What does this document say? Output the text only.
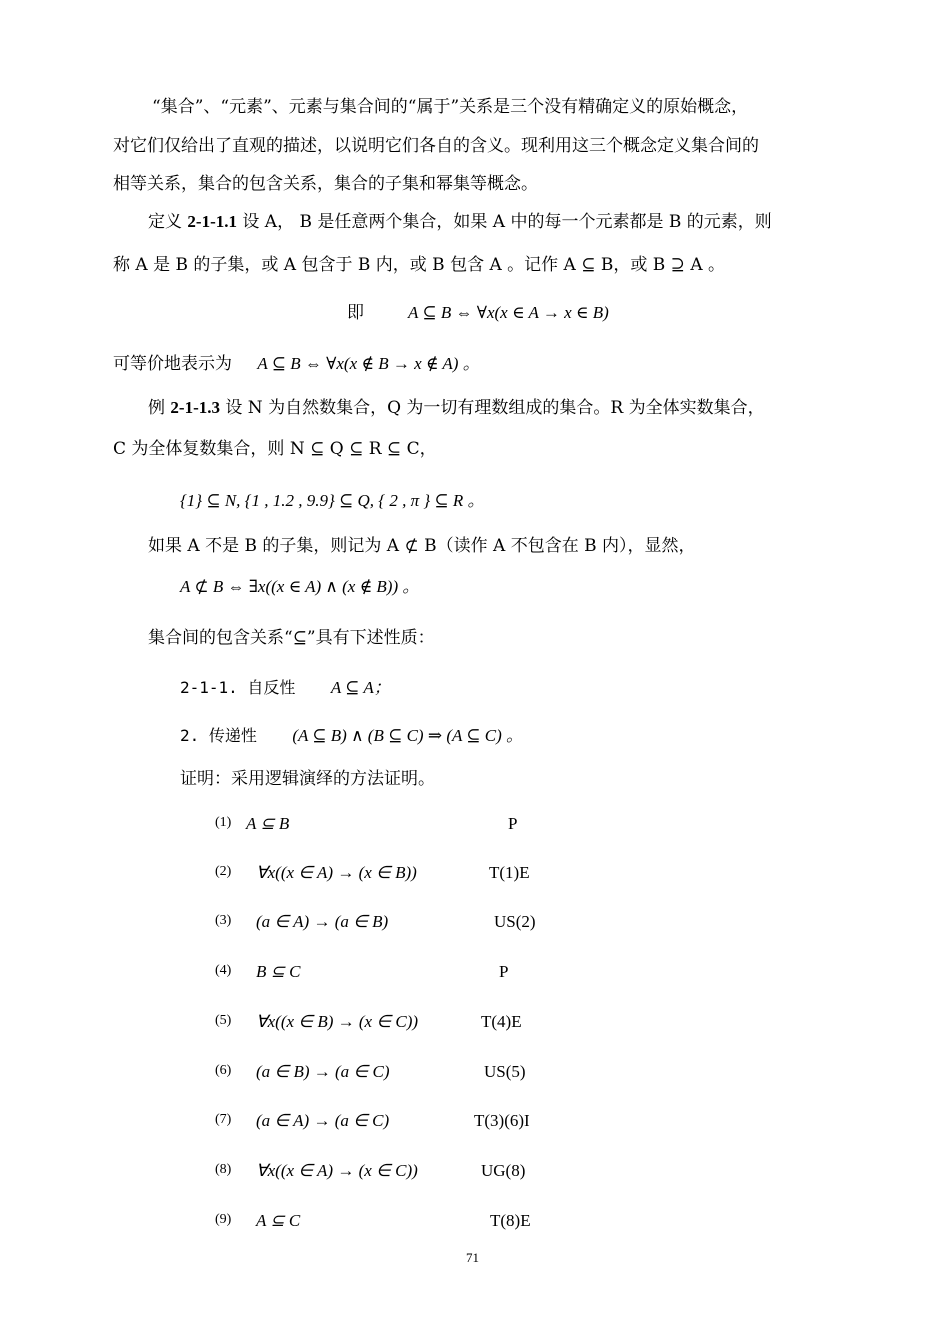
“集合”、“元素”、元素与集合间的“属于”关系是三个没有精确定义的原始概念，
对它们仅给出了直观的描述，以说明它们各自的含义。现利用这三个概念定义集合间的
相等关系，集合的包含关系，集合的子集和幂集等概念。
定义 2-1-1.1 设 A， B 是任意两个集合，如果 A 中的每一个元素都是 B 的元素，则
称 A 是 B 的子集，或 A 包含于 B 内，或 B 包含 A 。记作 A ⊆ B，或 B ⊇ A 。
即	A ⊆ B ⇔ ∀x(x ∈ A → x ∈ B)
可等价地表示为 A ⊆ B ⇔ ∀x(x ∉ B → x ∉ A) 。
例 2-1-1.3 设 N 为自然数集合，Q 为一切有理数组成的集合。R 为全体实数集合，
C 为全体复数集合，则 N ⊆ Q ⊆ R ⊆ C，
{1} ⊆ N, {1 , 1.2 , 9.9} ⊆ Q, { 2 , π } ⊆ R 。
如果 A 不是 B 的子集，则记为 A ⊄ B（读作 A 不包含在 B 内），显然，
A ⊄ B ⇔ ∃x((x ∈ A) ∧ (x ∉ B)) 。
集合间的包含关系“⊆”具有下述性质：
2-1-1. 自反性 A ⊆ A；
2. 传递性 (A ⊆ B) ∧ (B ⊆ C) ⇒ (A ⊆ C) 。
证明：采用逻辑演绎的方法证明。
(1) A ⊆ B	P
(2) ∀x((x ∈ A) → (x ∈ B))	T(1)E
(3) (a ∈ A) → (a ∈ B)	US(2)
(4) B ⊆ C	P
(5) ∀x((x ∈ B) → (x ∈ C))	T(4)E
(6) (a ∈ B) → (a ∈ C)	US(5)
(7) (a ∈ A) → (a ∈ C)	T(3)(6)I
(8) ∀x((x ∈ A) → (x ∈ C))	UG(8)
(9) A ⊆ C	T(8)E
71
